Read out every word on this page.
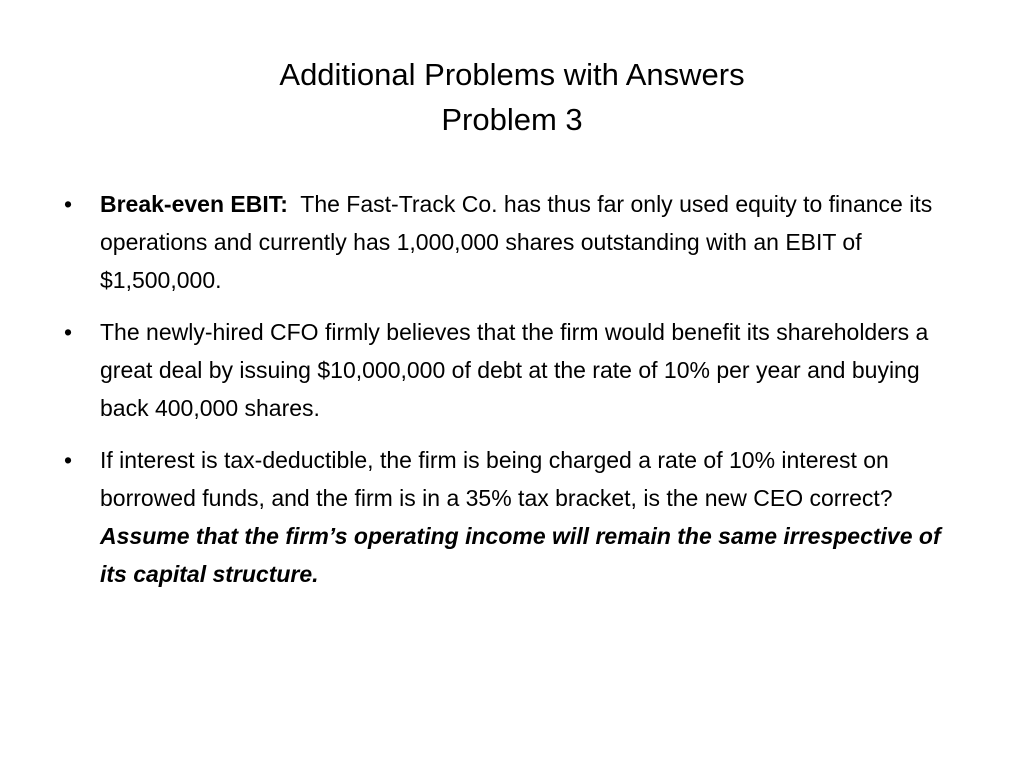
Additional Problems with Answers
Problem 3
• Break-even EBIT:  The Fast-Track Co. has thus far only used equity to finance its operations and currently has 1,000,000 shares outstanding with an EBIT of $1,500,000.
• The newly-hired CFO firmly believes that the firm would benefit its shareholders a great deal by issuing $10,000,000 of debt at the rate of 10% per year and buying back 400,000 shares.
• If interest is tax-deductible, the firm is being charged a rate of 10% interest on borrowed funds, and the firm is in a 35% tax bracket, is the new CEO correct?  Assume that the firm’s operating income will remain the same irrespective of its capital structure.
